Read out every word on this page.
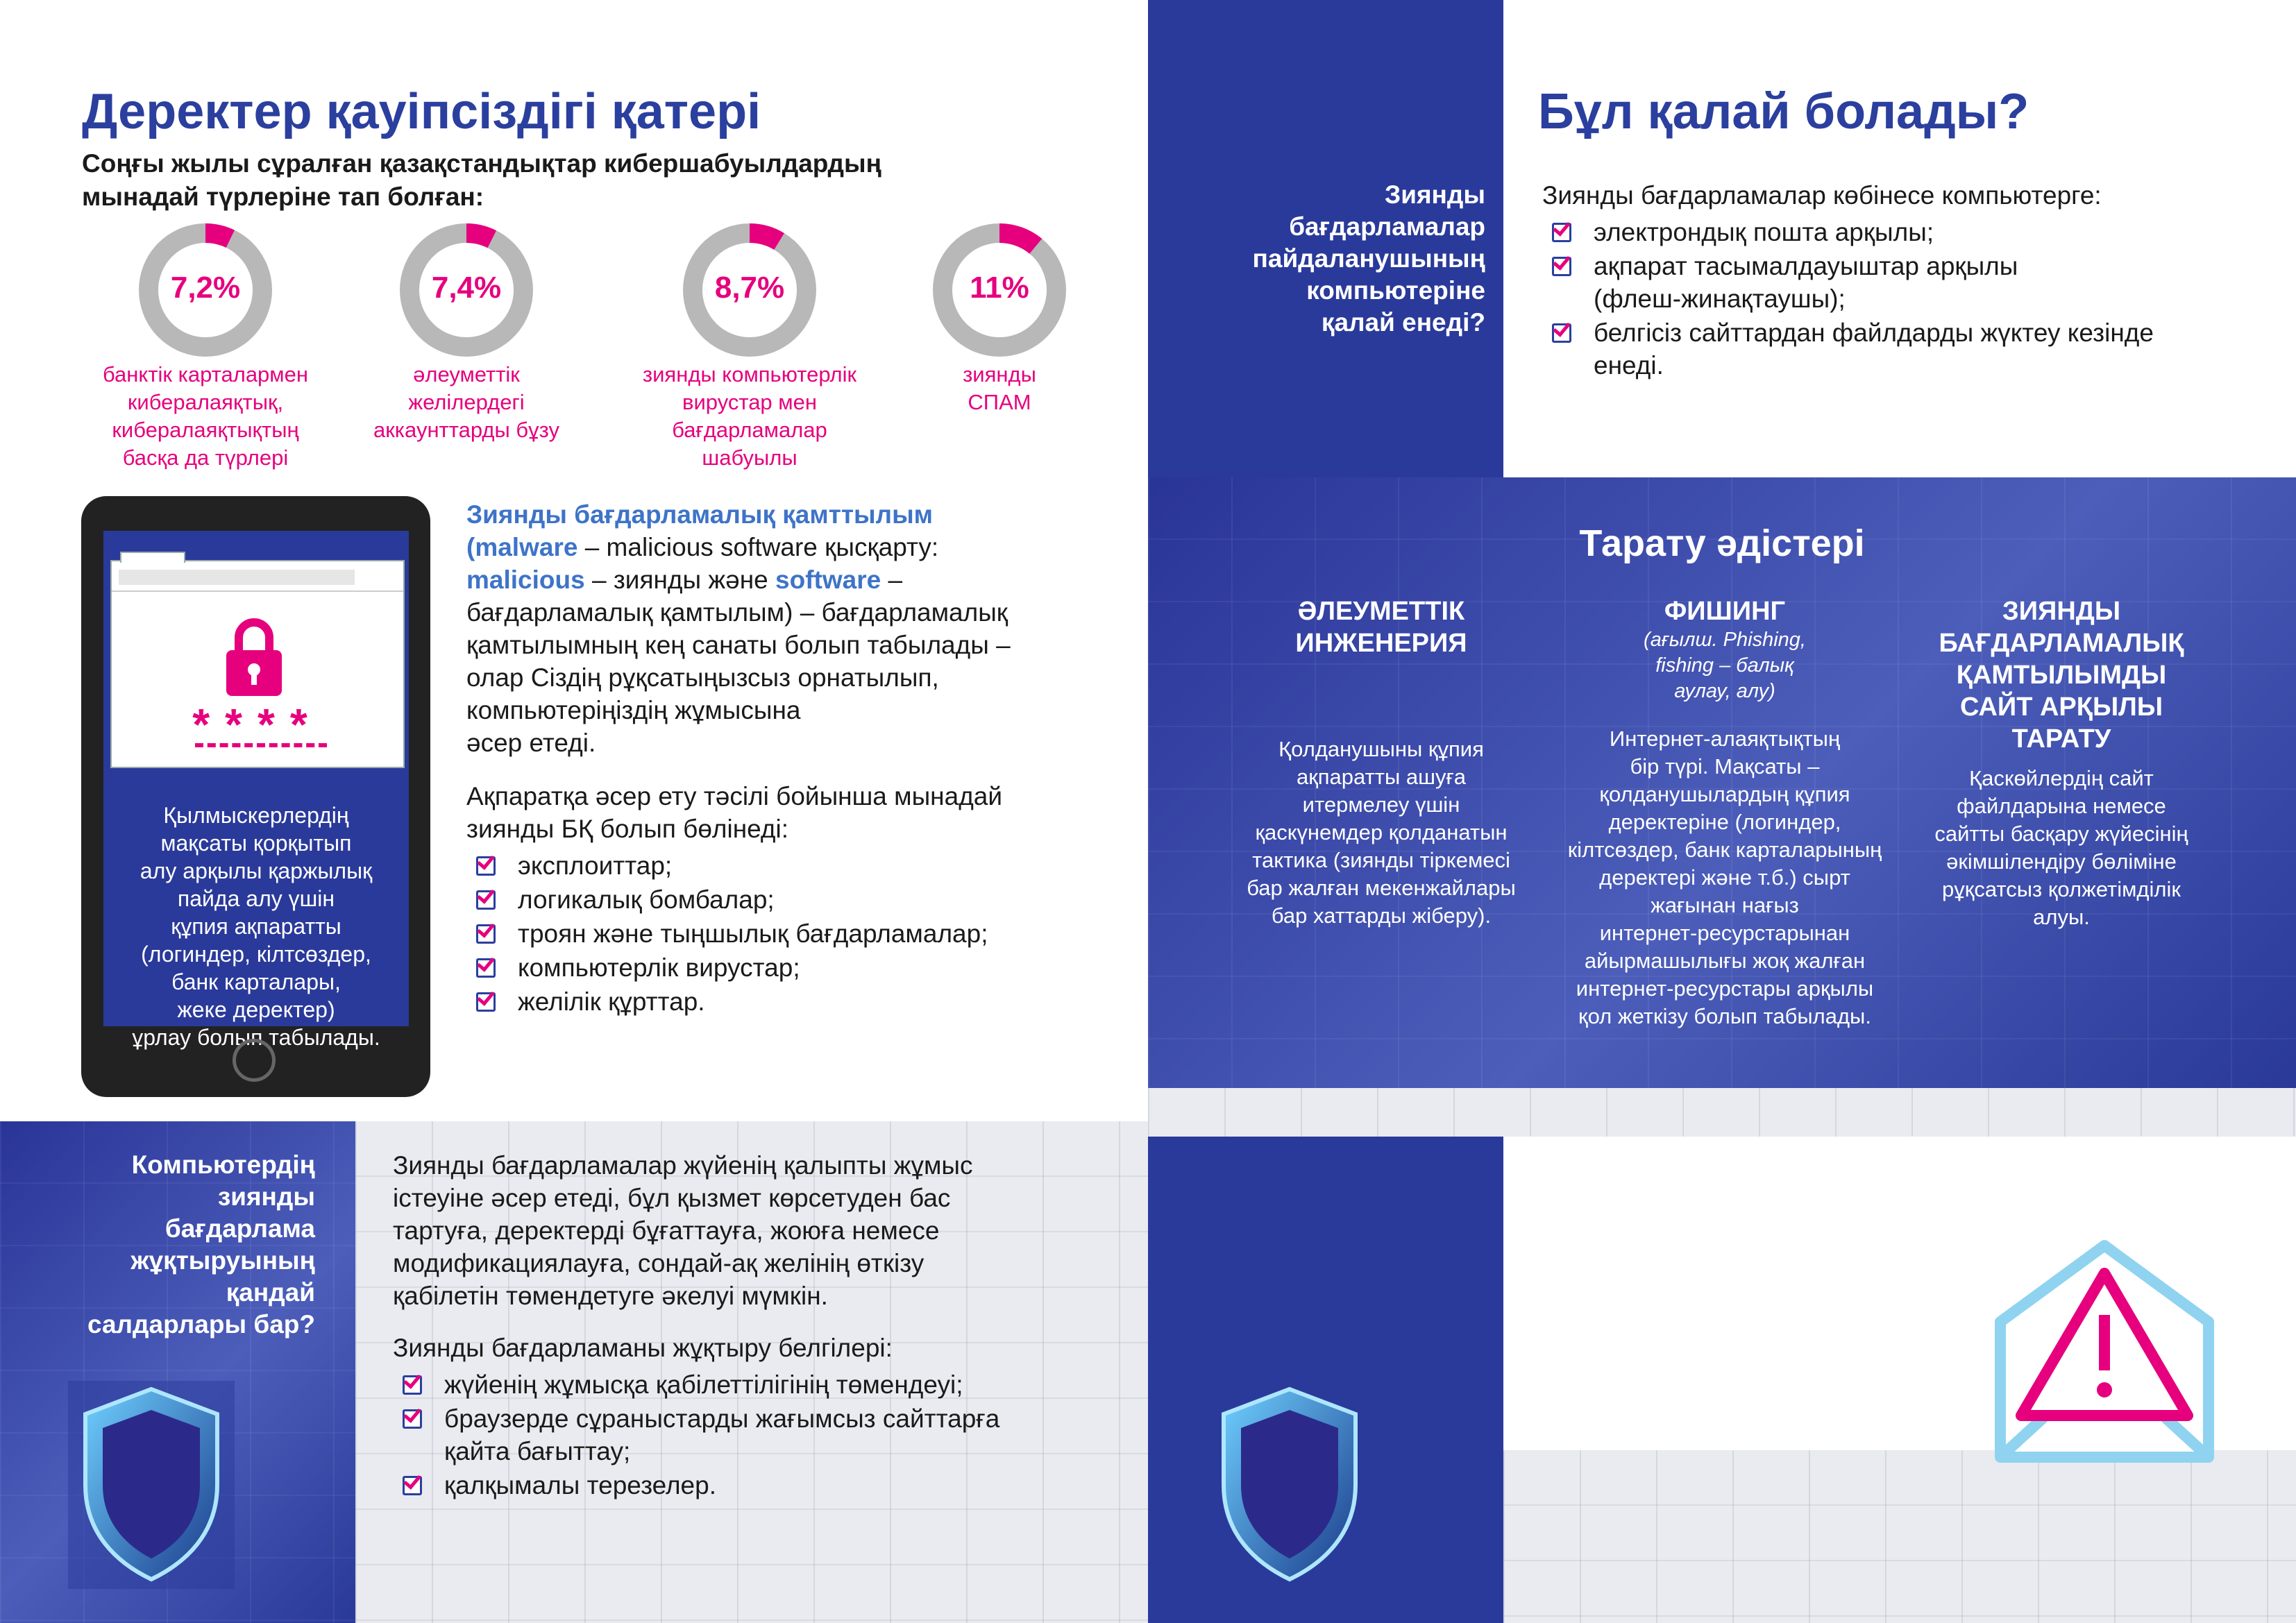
Деректер қауіпсіздігі қатері
Соңғы жылы сұралған қазақстандықтар кибершабуылдардың
мынадай түрлеріне тап болған:
7,2%
банктік карталармен
кибералаяқтық,
кибералаяқтықтың
басқа да түрлері
7,4%
әлеуметтік
желілердегі
аккаунттарды бұзу
8,7%
зиянды компьютерлік
вирустар мен
бағдарламалар
шабуылы
11%
зиянды
СПАМ
****
Қылмыскерлердің
мақсаты қорқытып
алу арқылы қаржылық
пайда алу үшін
құпия ақпаратты
(логиндер, кілтсөздер,
банк карталары,
жеке деректер)
ұрлау болып табылады.
Зиянды бағдарламалық қамттылым
(malware – malicious software қысқарту:
malicious – зиянды және software –
бағдарламалық қамтылым) – бағдарламалық
қамтылымның кең санаты болып табылады –
олар Сіздің рұқсатыңызсыз орнатылып,
компьютеріңіздің жұмысына
әсер етеді.
Ақпаратқа әсер ету тәсілі бойынша мынадай
зиянды БҚ болып бөлінеді:
эксплоиттар;
логикалық бомбалар;
троян және тыңшылық бағдарламалар;
компьютерлік вирустар;
желілік құрттар.
Компьютердің
зиянды
бағдарлама
жұқтыруының
қандай
салдарлары бар?
Зиянды бағдарламалар жүйенің қалыпты жұмыс
істеуіне әсер етеді, бұл қызмет көрсетуден бас
тартуға, деректерді бұғаттауға, жоюға немесе
модификациялауға, сондай-ақ желінің өткізу
қабілетін төмендетуге әкелуі мүмкін.
Зиянды бағдарламаны жұқтыру белгілері:
жүйенің жұмысқа қабілеттілігінің төмендеуі;
браузерде сұраныстарды жағымсыз сайттарға
қайта бағыттау;
қалқымалы терезелер.
Зиянды
бағдарламалар
пайдаланушының
компьютеріне
қалай енеді?
Бұл қалай болады?
Зиянды бағдарламалар көбінесе компьютерге:
электрондық пошта арқылы;
ақпарат тасымалдауыштар арқылы
(флеш-жинақтаушы);
белгісіз сайттардан файлдарды жүктеу кезінде
енеді.
Тарату әдістері
ӘЛЕУМЕТТІК
ИНЖЕНЕРИЯ
Қолданушыны құпия
ақпаратты ашуға
итермелеу үшін
қаскүнемдер қолданатын
тактика (зиянды тіркемесі
бар жалған мекенжайлары
бар хаттарды жіберу).
ФИШИНГ
(ағылш. Phishing,
fishing – балық
аулау, алу)
Интернет-алаяқтықтың
бір түрі. Мақсаты –
қолданушылардың құпия
деректеріне (логиндер,
кілтсөздер, банк карталарының
деректері және т.б.) сырт
жағынан нағыз
интернет-ресурстарынан
айырмашылығы жоқ жалған
интернет-ресурстары арқылы
қол жеткізу болып табылады.
ЗИЯНДЫ
БАҒДАРЛАМАЛЫҚ
ҚАМТЫЛЫМДЫ
САЙТ АРҚЫЛЫ
ТАРАТУ
Қаскөйлердің сайт
файлдарына немесе
сайтты басқару жүйесінің
әкімшілендіру бөліміне
рұқсатсыз қолжетімділік
алуы.
